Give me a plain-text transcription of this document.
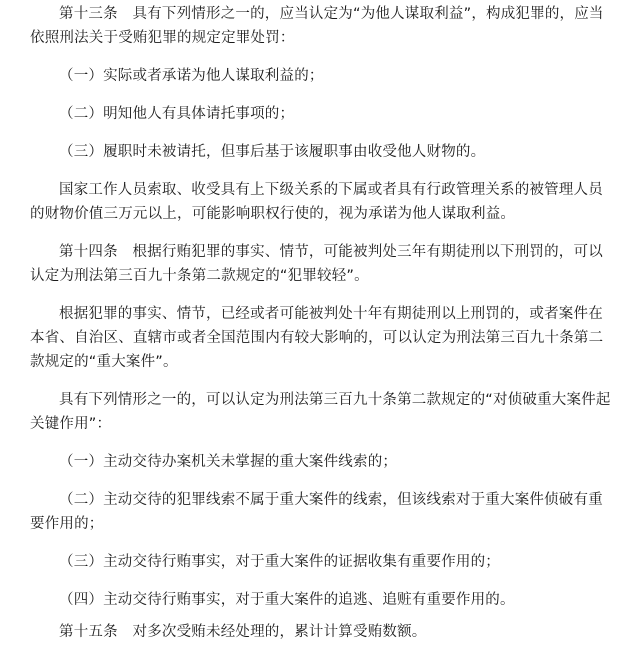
第十三条　具有下列情形之一的，应当认定为“为他人谋取利益”，构成犯罪的，应当依照刑法关于受贿犯罪的规定定罪处罚：

（一）实际或者承诺为他人谋取利益的；

（二）明知他人有具体请托事项的；

（三）履职时未被请托，但事后基于该履职事由收受他人财物的。

国家工作人员索取、收受具有上下级关系的下属或者具有行政管理关系的被管理人员的财物价值三万元以上，可能影响职权行使的，视为承诺为他人谋取利益。

第十四条　根据行贿犯罪的事实、情节，可能被判处三年有期徒刑以下刑罚的，可以认定为刑法第三百九十条第二款规定的“犯罪较轻”。

根据犯罪的事实、情节，已经或者可能被判处十年有期徒刑以上刑罚的，或者案件在本省、自治区、直辖市或者全国范围内有较大影响的，可以认定为刑法第三百九十条第二款规定的“重大案件”。

具有下列情形之一的，可以认定为刑法第三百九十条第二款规定的“对侦破重大案件起关键作用”：

（一）主动交待办案机关未掌握的重大案件线索的；

（二）主动交待的犯罪线索不属于重大案件的线索，但该线索对于重大案件侦破有重要作用的；

（三）主动交待行贿事实，对于重大案件的证据收集有重要作用的；

（四）主动交待行贿事实，对于重大案件的追逃、追赃有重要作用的。

第十五条　对多次受贿未经处理的，累计计算受贿数额。
